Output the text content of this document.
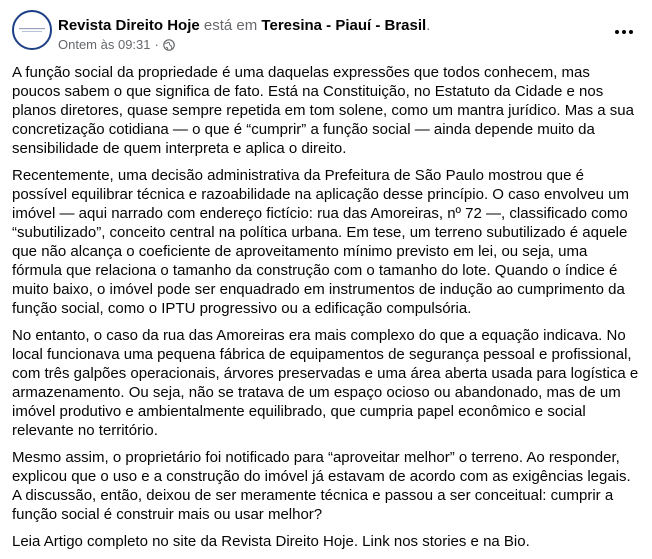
Revista Direito Hoje está em Teresina - Piauí - Brasil.
Ontem às 09:31 ·

A função social da propriedade é uma daquelas expressões que todos conhecem, mas poucos sabem o que significa de fato. Está na Constituição, no Estatuto da Cidade e nos planos diretores, quase sempre repetida em tom solene, como um mantra jurídico. Mas a sua concretização cotidiana — o que é “cumprir” a função social — ainda depende muito da sensibilidade de quem interpreta e aplica o direito.

Recentemente, uma decisão administrativa da Prefeitura de São Paulo mostrou que é possível equilibrar técnica e razoabilidade na aplicação desse princípio. O caso envolveu um imóvel — aqui narrado com endereço fictício: rua das Amoreiras, nº 72 —, classificado como “subutilizado”, conceito central na política urbana. Em tese, um terreno subutilizado é aquele que não alcança o coeficiente de aproveitamento mínimo previsto em lei, ou seja, uma fórmula que relaciona o tamanho da construção com o tamanho do lote. Quando o índice é muito baixo, o imóvel pode ser enquadrado em instrumentos de indução ao cumprimento da função social, como o IPTU progressivo ou a edificação compulsória.

No entanto, o caso da rua das Amoreiras era mais complexo do que a equação indicava. No local funcionava uma pequena fábrica de equipamentos de segurança pessoal e profissional, com três galpões operacionais, árvores preservadas e uma área aberta usada para logística e armazenamento. Ou seja, não se tratava de um espaço ocioso ou abandonado, mas de um imóvel produtivo e ambientalmente equilibrado, que cumpria papel econômico e social relevante no território.

Mesmo assim, o proprietário foi notificado para “aproveitar melhor” o terreno. Ao responder, explicou que o uso e a construção do imóvel já estavam de acordo com as exigências legais. A discussão, então, deixou de ser meramente técnica e passou a ser conceitual: cumprir a função social é construir mais ou usar melhor?

Leia Artigo completo no site da Revista Direito Hoje. Link nos stories e na Bio.
